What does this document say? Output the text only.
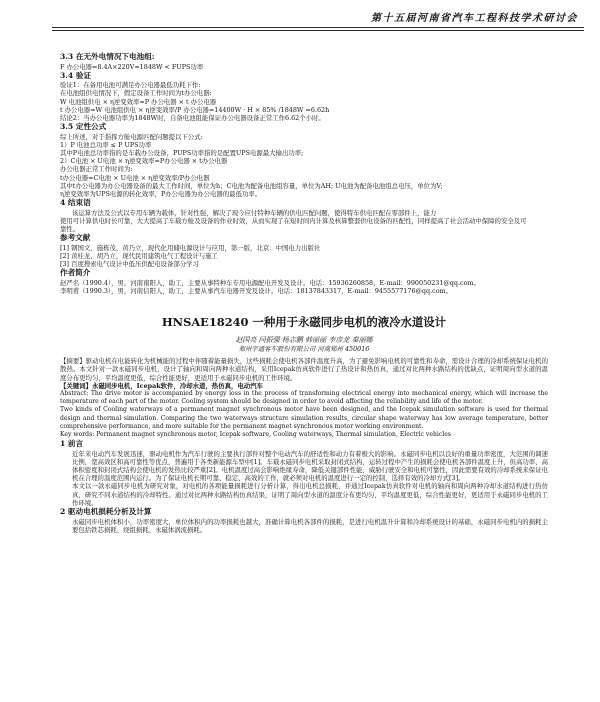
第十五届河南省汽车工程科技学术研讨会
3.3 在无外电情况下电池组:
F 办公电器=8.4A×220V=1848W < FUPS功率
3.4 验证
验证1：在备用电池可满足办公电器最低功耗下作:
在电池组供电情况下，假定设备工作时间为t办公电器:
W 电池组供电 × η逆变效率=P 办公电器 × t 办公电器
t 办公电器=W 电池组供电 × η逆变效率/P 办公电器=14400W · H × 85% /1848W =6.62h
结论2：当办公电器功率为1848W时，自备电池组能保证办公电器设备正常工作6.62个小时。
3.5 定性公式
综上所述，对于指挥方舱电源匹配问题提以下公式:
1）P 电池总功率 ≤ P UPS功率
其中P电池总功率指的是车载办公设备，PUPS功率指的是配置UPS电源最大输出功率;
2）C电池 × U电池 × η逆变效率=P办公电器 × t办公电器
办公电器正常工作时间为:
t办公电器=C电池 × U电池 × η逆变效率/P办公电器
其中t办公电器为办公电器设备的最大工作时间，单位为h；C电池为配备电池组容量，单位为AH; U电池为配备电池组总电压，单位为V;
η逆变效率为UPS电源的转化效率，P办公电器为办公电器的最低功率。
4 结束语
该运算方法及公式以专用车辆为载体，针对性强，解决了现今应付特种车辆的供电匹配问题，使得特车供电匹配在零部件上，能力
使用可计算供电时长可靠，大大提高了车载方舱及设备的作业时效，从而实现了在短时间内计算及核算整套供电设备的匹配性，同样提高了社会活动中保障的安全及可
靠性。
参考文献
[1] 钢国文，施栋茂，黄乃立，现代化用储电源设计与应用，第一版，北京：中国电力出版社
[2] 黄桂龙，胡乃立，现代民用建筑电气工程设计与施工
[3] 百度搜索电气设计中低压供配电设备部分学习
作者简介
赵严名（1990.4），男，河南南阳人，助工，主要从事特种车专用电源配电开发及设计。电话：15936260858，E-mail：990050231@qq.com。
李明甫（1990.3），男，河南信阳人，助工，主要从事汽车电器开发及设计。电话：18137843317，E-mail：9455577176@qq.com。
HNSAE18240 一种用于永磁同步电机的液冷水道设计
赵国亮 闫振强 杨志鹏 韩丽丽 李彦龙 秦丽娜
郑州宇通客车股份有限公司 河南郑州 450016
【摘要】驱动电机在电能转化为机械能的过程中伴随着能量损失，这些损耗会使电机各部件温度升高，为了避免影响电机的可靠性和寿命，需设计合理的冷却系统保证电机的散热。本文针对一款永磁同步电机，设计了轴向和周向两种水道结构，采用Icepak仿真软件进行了热设计和热仿真，通过对比两种水路结构的优缺点，证明周向型水道的温度分布更均匀，平均温度更低，综合性能更好，更适用于永磁同步电机的工作环境。
【关键词】永磁同步电机，Icepak软件，冷却水道，热仿真，电动汽车
Abstract: The drive motor is accompanied by energy loss in the process of transforming electrical energy into mechanical energy, which will increase the temperature of each part of the motor. Cooling system should be designed in order to avoid affecting the reliability and life of the motor.
Two kinds of Cooling waterways of a permanent magnet synchronous motor have been designed, and the Icepak simulation software is used for thermal design and thermal simulation. Comparing the two waterways structure simulation results, circular shape waterway has low average temperature, better comprehensive performance, and more suitable for the permanent magnet synchronous motor working environment.
Key words: Permanent magnet synchronous motor, Icepak software, Cooling waterways, Thermal simulation, Electric vehicles
1 前言
近年来电动汽车发展迅速，驱动电机作为汽车行驶的主要执行部件对整个电动汽车的舒适性和动力有着极大的影响。永磁同步电机以良好的重量功率密度，大范围的调速比例，宽高效区和高可靠性等优点，普遍用于各类新能源车型中[1]。车载永磁同步电机采取封闭式结构，运转过程中产生的损耗会使电机各部件温度上升，但高功率、高体积密度和封闭式结构会使电机的发热比较严重[2]。电机温度过高会影响绝缘寿命，降低关键部件性能，威胁行驶安全和电机可靠性，因此需要有效的冷却系统来保证电机在合理的温度范围内运行。为了保证电机长期可靠、稳定、高效的工作，就必须对电机的温度进行一定的控制，选择有效的冷却方式[3]。
本文以一款永磁同步电机为研究对象，对电机的各项能量损耗进行分析计算，得出电机总损耗，并通过Icepak仿真软件对电机的轴向和周向两种冷却水道结构进行热仿真，研究不同水道结构的冷却特性。通过对比两种水路结构仿真结果，证明了周向型水道的温度分布更均匀，平均温度更低，综合性能更好，更适用于永磁同步电机的工作环境。
2 驱动电机损耗分析及计算
永磁同步电机体积小，功率密度大，单位体积内的功率损耗也越大，准确计算电机各部件的损耗，是进行电机温升计算和冷却系统设计的基础，永磁同步电机内的损耗主要包括铁芯损耗、绕组损耗、永磁体涡流损耗。
